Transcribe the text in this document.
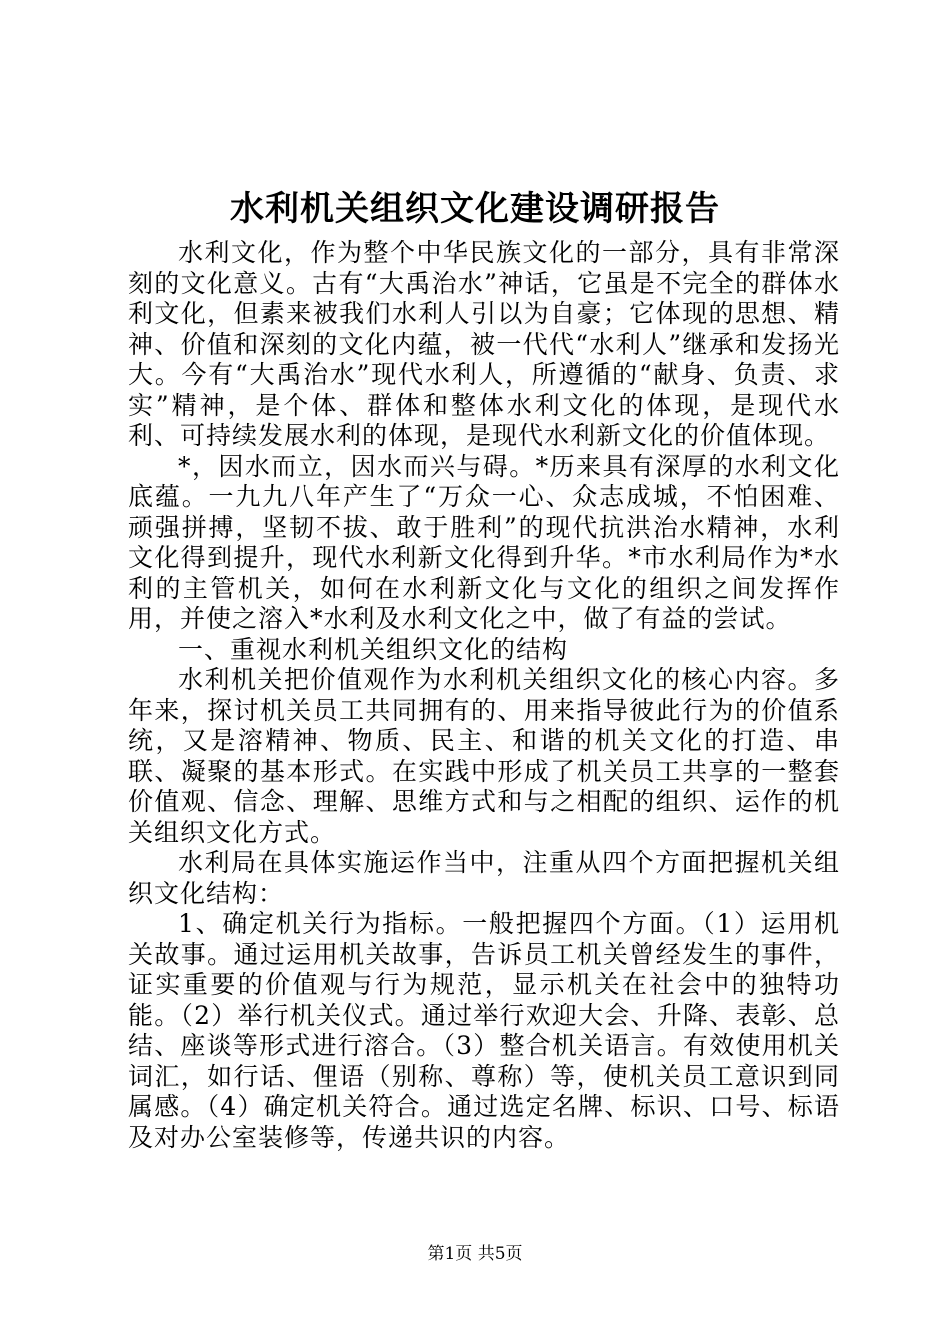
水利机关组织文化建设调研报告

水利文化，作为整个中华民族文化的一部分，具有非常深刻的文化意义。古有“大禹治水”神话，它虽是不完全的群体水利文化，但素来被我们水利人引以为自豪；它体现的思想、精神、价值和深刻的文化内蕴，被一代代“水利人”继承和发扬光大。今有“大禹治水”现代水利人，所遵循的“献身、负责、求实”精神，是个体、群体和整体水利文化的体现，是现代水利、可持续发展水利的体现，是现代水利新文化的价值体现。

*，因水而立，因水而兴与碍。*历来具有深厚的水利文化底蕴。一九九八年产生了“万众一心、众志成城，不怕困难、顽强拼搏，坚韧不拔、敢于胜利”的现代抗洪治水精神，水利文化得到提升，现代水利新文化得到升华。*市水利局作为*水利的主管机关，如何在水利新文化与文化的组织之间发挥作用，并使之溶入*水利及水利文化之中，做了有益的尝试。

一、重视水利机关组织文化的结构

水利机关把价值观作为水利机关组织文化的核心内容。多年来，探讨机关员工共同拥有的、用来指导彼此行为的价值系统，又是溶精神、物质、民主、和谐的机关文化的打造、串联、凝聚的基本形式。在实践中形成了机关员工共享的一整套价值观、信念、理解、思维方式和与之相配的组织、运作的机关组织文化方式。

水利局在具体实施运作当中，注重从四个方面把握机关组织文化结构：

1、确定机关行为指标。一般把握四个方面。（1）运用机关故事。通过运用机关故事，告诉员工机关曾经发生的事件，证实重要的价值观与行为规范，显示机关在社会中的独特功能。（2）举行机关仪式。通过举行欢迎大会、升降、表彰、总结、座谈等形式进行溶合。（3）整合机关语言。有效使用机关词汇，如行话、俚语（别称、尊称）等，使机关员工意识到同属感。（4）确定机关符合。通过选定名牌、标识、口号、标语及对办公室装修等，传递共识的内容。

第1页 共5页
